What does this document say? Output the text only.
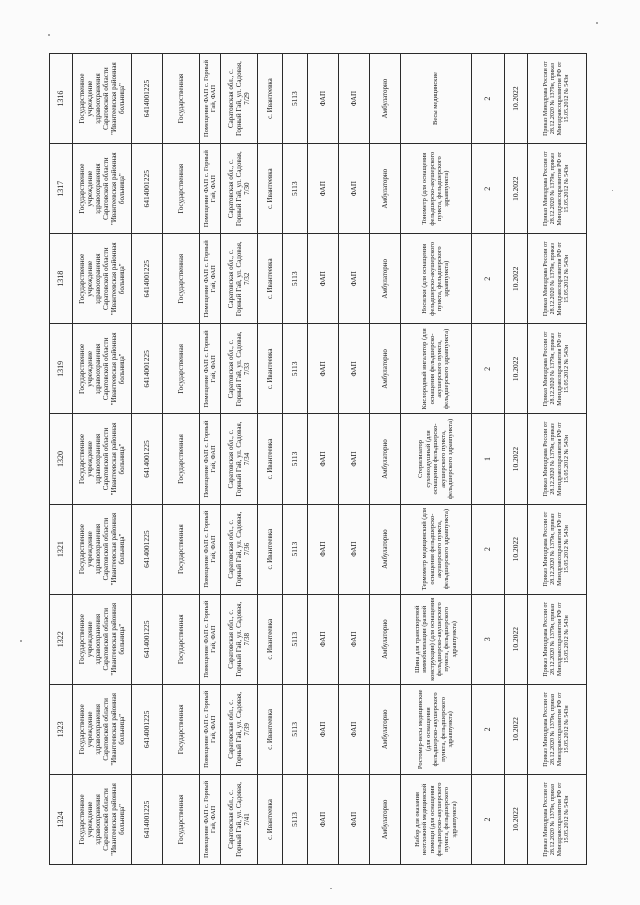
1324	1323	1322	1321	1320	1319	1318	1317	1316
Государственное учреждение здравоохранения Саратовской области "Ивантеевская районная больница"	Государственное учреждение здравоохранения Саратовской области "Ивантеевская районная больница"	Государственное учреждение здравоохранения Саратовской области "Ивантеевская районная больница"	Государственное учреждение здравоохранения Саратовской области "Ивантеевская районная больница"	Государственное учреждение здравоохранения Саратовской области "Ивантеевская районная больница"	Государственное учреждение здравоохранения Саратовской области "Ивантеевская районная больница"	Государственное учреждение здравоохранения Саратовской области "Ивантеевская районная больница"	Государственное учреждение здравоохранения Саратовской области "Ивантеевская районная больница"	Государственное учреждение здравоохранения Саратовской области "Ивантеевская районная больница"
6414001225	6414001225	6414001225	6414001225	6414001225	6414001225	6414001225	6414001225	6414001225
Государственная	Государственная	Государственная	Государственная	Государственная	Государственная	Государственная	Государственная	Государственная
Помещение ФАП с. Горный Гай, ФАП	Помещение ФАП с. Горный Гай, ФАП	Помещение ФАП с. Горный Гай, ФАП	Помещение ФАП с. Горный Гай, ФАП	Помещение ФАП с. Горный Гай, ФАП	Помещение ФАП с. Горный Гай, ФАП	Помещение ФАП с. Горный Гай, ФАП	Помещение ФАП с. Горный Гай, ФАП	Помещение ФАП с. Горный Гай, ФАП
Саратовская обл., с. Горный Гай, ул. Садовая, 7/41	Саратовская обл., с. Горный Гай, ул. Садовая, 7/39	Саратовская обл., с. Горный Гай, ул. Садовая, 7/38	Саратовская обл., с. Горный Гай, ул. Садовая, 7/36	Саратовская обл., с. Горный Гай, ул. Садовая, 7/34	Саратовская обл., с. Горный Гай, ул. Садовая, 7/33	Саратовская обл., с. Горный Гай, ул. Садовая, 7/32	Саратовская обл., с. Горный Гай, ул. Садовая, 7/30	Саратовская обл., с. Горный Гай, ул. Садовая, 7/29
с. Ивантеевка	с. Ивантеевка	с. Ивантеевка	с. Ивантеевка	с. Ивантеевка	с. Ивантеевка	с. Ивантеевка	с. Ивантеевка	с. Ивантеевка
5113	5113	5113	5113	5113	5113	5113	5113	5113
ФАП	ФАП	ФАП	ФАП	ФАП	ФАП	ФАП	ФАП	ФАП
ФАП	ФАП	ФАП	ФАП	ФАП	ФАП	ФАП	ФАП	ФАП
Амбулаторно	Амбулаторно	Амбулаторно	Амбулаторно	Амбулаторно	Амбулаторно	Амбулаторно	Амбулаторно	Амбулаторно
Набор для оказания неотложной медицинской помощи (для оснащения фельдшерско-акушерского пункта, фельдшерского здравпункта)	Ростомер-весы медицинские (для оснащения фельдшерско-акушерского пункта, фельдшерского здравпункта)	Шина для транспортной иммобилизации (разной конструкции) (для оснащения фельдшерско-акушерского пункта, фельдшерского здравпункта)	Термометр медицинский (для оснащения фельдшерско-акушерского пункта, фельдшерского здравпункта)	Стерилизатор суховоздушный (для оснащения фельдшерско-акушерского пункта, фельдшерского здравпункта)	Кислородный ингалятор (для оснащения фельдшерско-акушерского пункта, фельдшерского здравпункта)	Носилки (для оснащения фельдшерско-акушерского пункта, фельдшерского здравпункта)	Тонометр (для оснащения фельдшерско-акушерского пункта, фельдшерского здравпункта)	Весы медицинские
2	2	3	2	1	2	2	2	2
10.2022	10.2022	10.2022	10.2022	10.2022	10.2022	10.2022	10.2022	10.2022
Приказ Минздрава России от 28.12.2020 № 1379н, приказ Минздравсоцразвития РФ от 15.05.2012 № 543н	Приказ Минздрава России от 28.12.2020 № 1379н, приказ Минздравсоцразвития РФ от 15.05.2012 № 543н	Приказ Минздрава России от 28.12.2020 № 1379н, приказ Минздравсоцразвития РФ от 15.05.2012 № 543н	Приказ Минздрава России от 28.12.2020 № 1379н, приказ Минздравсоцразвития РФ от 15.05.2012 № 543н	Приказ Минздрава России от 28.12.2020 № 1379н, приказ Минздравсоцразвития РФ от 15.05.2012 № 543н	Приказ Минздрава России от 28.12.2020 № 1379н, приказ Минздравсоцразвития РФ от 15.05.2012 № 543н	Приказ Минздрава России от 28.12.2020 № 1379н, приказ Минздравсоцразвития РФ от 15.05.2012 № 543н	Приказ Минздрава России от 28.12.2020 № 1379н, приказ Минздравсоцразвития РФ от 15.05.2012 № 543н	Приказ Минздрава России от 28.12.2020 № 1379н, приказ Минздравсоцразвития РФ от 15.05.2012 № 543н
